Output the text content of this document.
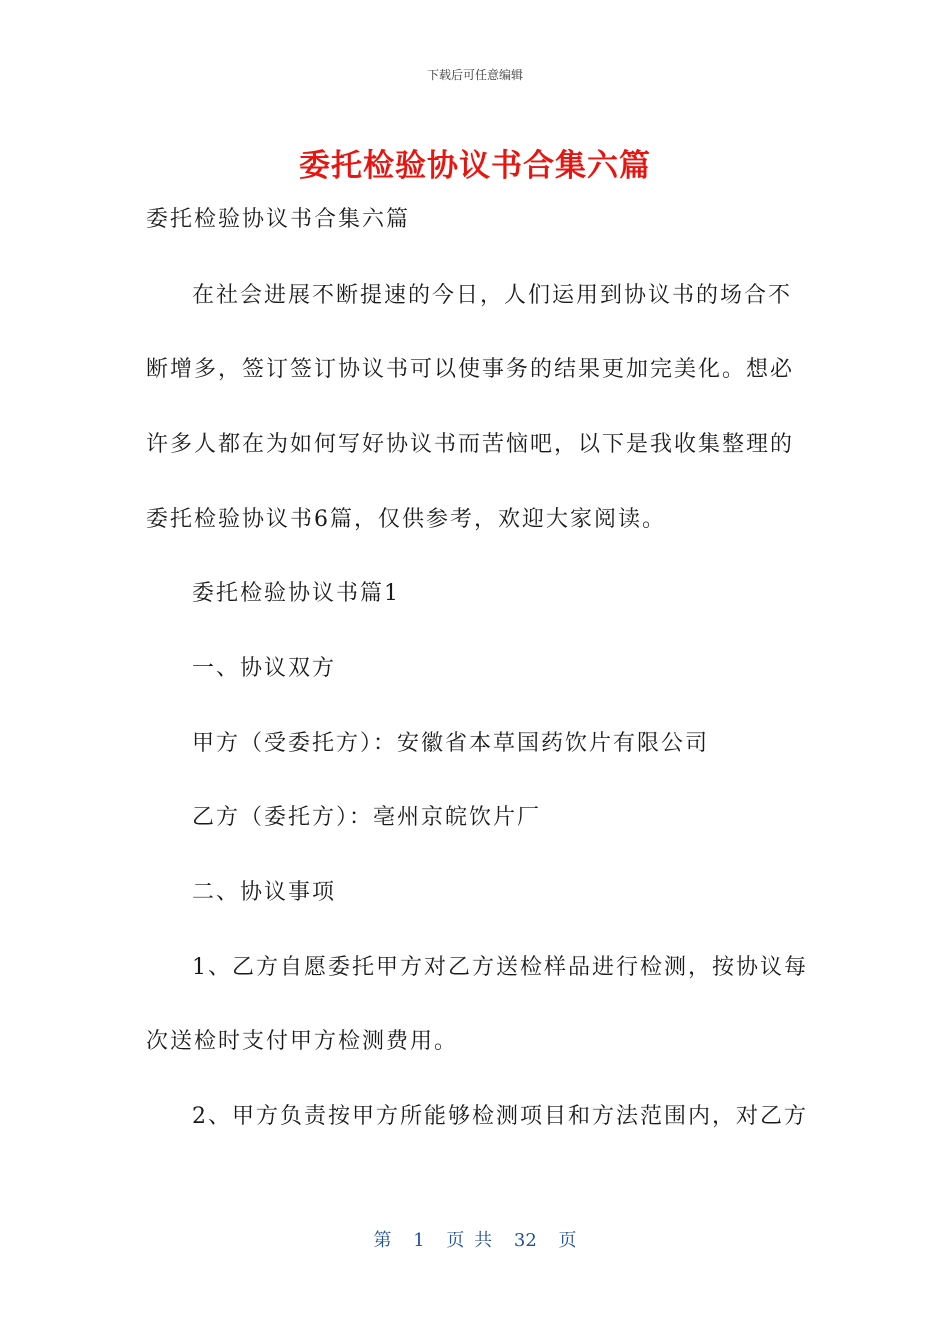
下载后可任意编辑
委托检验协议书合集六篇
委托检验协议书合集六篇
在社会进展不断提速的今日，人们运用到协议书的场合不
断增多，签订签订协议书可以使事务的结果更加完美化。想必
许多人都在为如何写好协议书而苦恼吧，以下是我收集整理的
委托检验协议书6篇，仅供参考，欢迎大家阅读。
委托检验协议书篇1
一、协议双方
甲方（受委托方）：安徽省本草国药饮片有限公司
乙方（委托方）：亳州京皖饮片厂
二、协议事项
1、乙方自愿委托甲方对乙方送检样品进行检测，按协议每
次送检时支付甲方检测费用。
2、甲方负责按甲方所能够检测项目和方法范围内，对乙方
第 1 页 共 32 页
